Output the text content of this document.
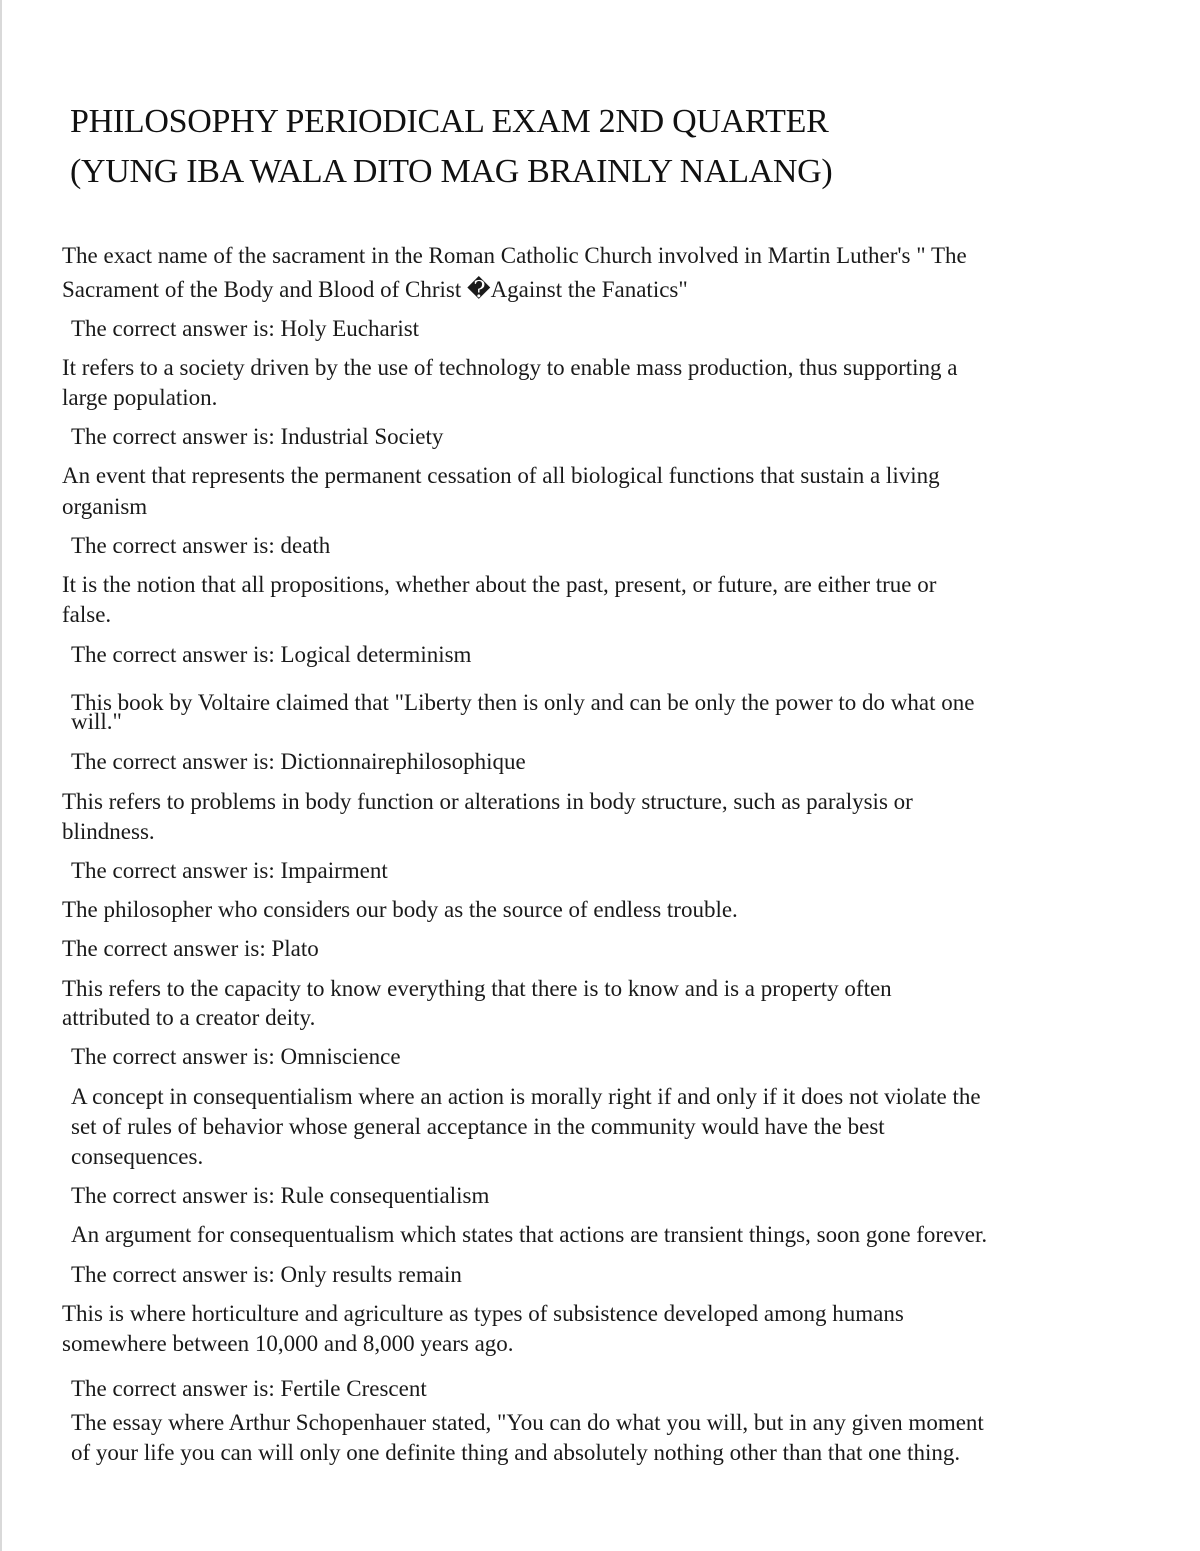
PHILOSOPHY PERIODICAL EXAM 2ND QUARTER
(YUNG IBA WALA DITO MAG BRAINLY NALANG)
The exact name of the sacrament in the Roman Catholic Church involved in Martin Luther's " The
Sacrament of the Body and Blood of Christ �Against the Fanatics"
The correct answer is: Holy Eucharist
It refers to a society driven by the use of technology to enable mass production, thus supporting a
large population.
The correct answer is: Industrial Society
An event that represents the permanent cessation of all biological functions that sustain a living
organism
The correct answer is: death
It is the notion that all propositions, whether about the past, present, or future, are either true or
false.
The correct answer is: Logical determinism
This book by Voltaire claimed that "Liberty then is only and can be only the power to do what one
will."
The correct answer is: Dictionnairephilosophique
This refers to problems in body function or alterations in body structure, such as paralysis or
blindness.
The correct answer is: Impairment
The philosopher who considers our body as the source of endless trouble.
The correct answer is: Plato
This refers to the capacity to know everything that there is to know and is a property often
attributed to a creator deity.
The correct answer is: Omniscience
A concept in consequentialism where an action is morally right if and only if it does not violate the
set of rules of behavior whose general acceptance in the community would have the best
consequences.
The correct answer is: Rule consequentialism
An argument for consequentualism which states that actions are transient things, soon gone forever.
The correct answer is: Only results remain
This is where horticulture and agriculture as types of subsistence developed among humans
somewhere between 10,000 and 8,000 years ago.
The correct answer is: Fertile Crescent
The essay where Arthur Schopenhauer stated, "You can do what you will, but in any given moment
of your life you can will only one definite thing and absolutely nothing other than that one thing.
